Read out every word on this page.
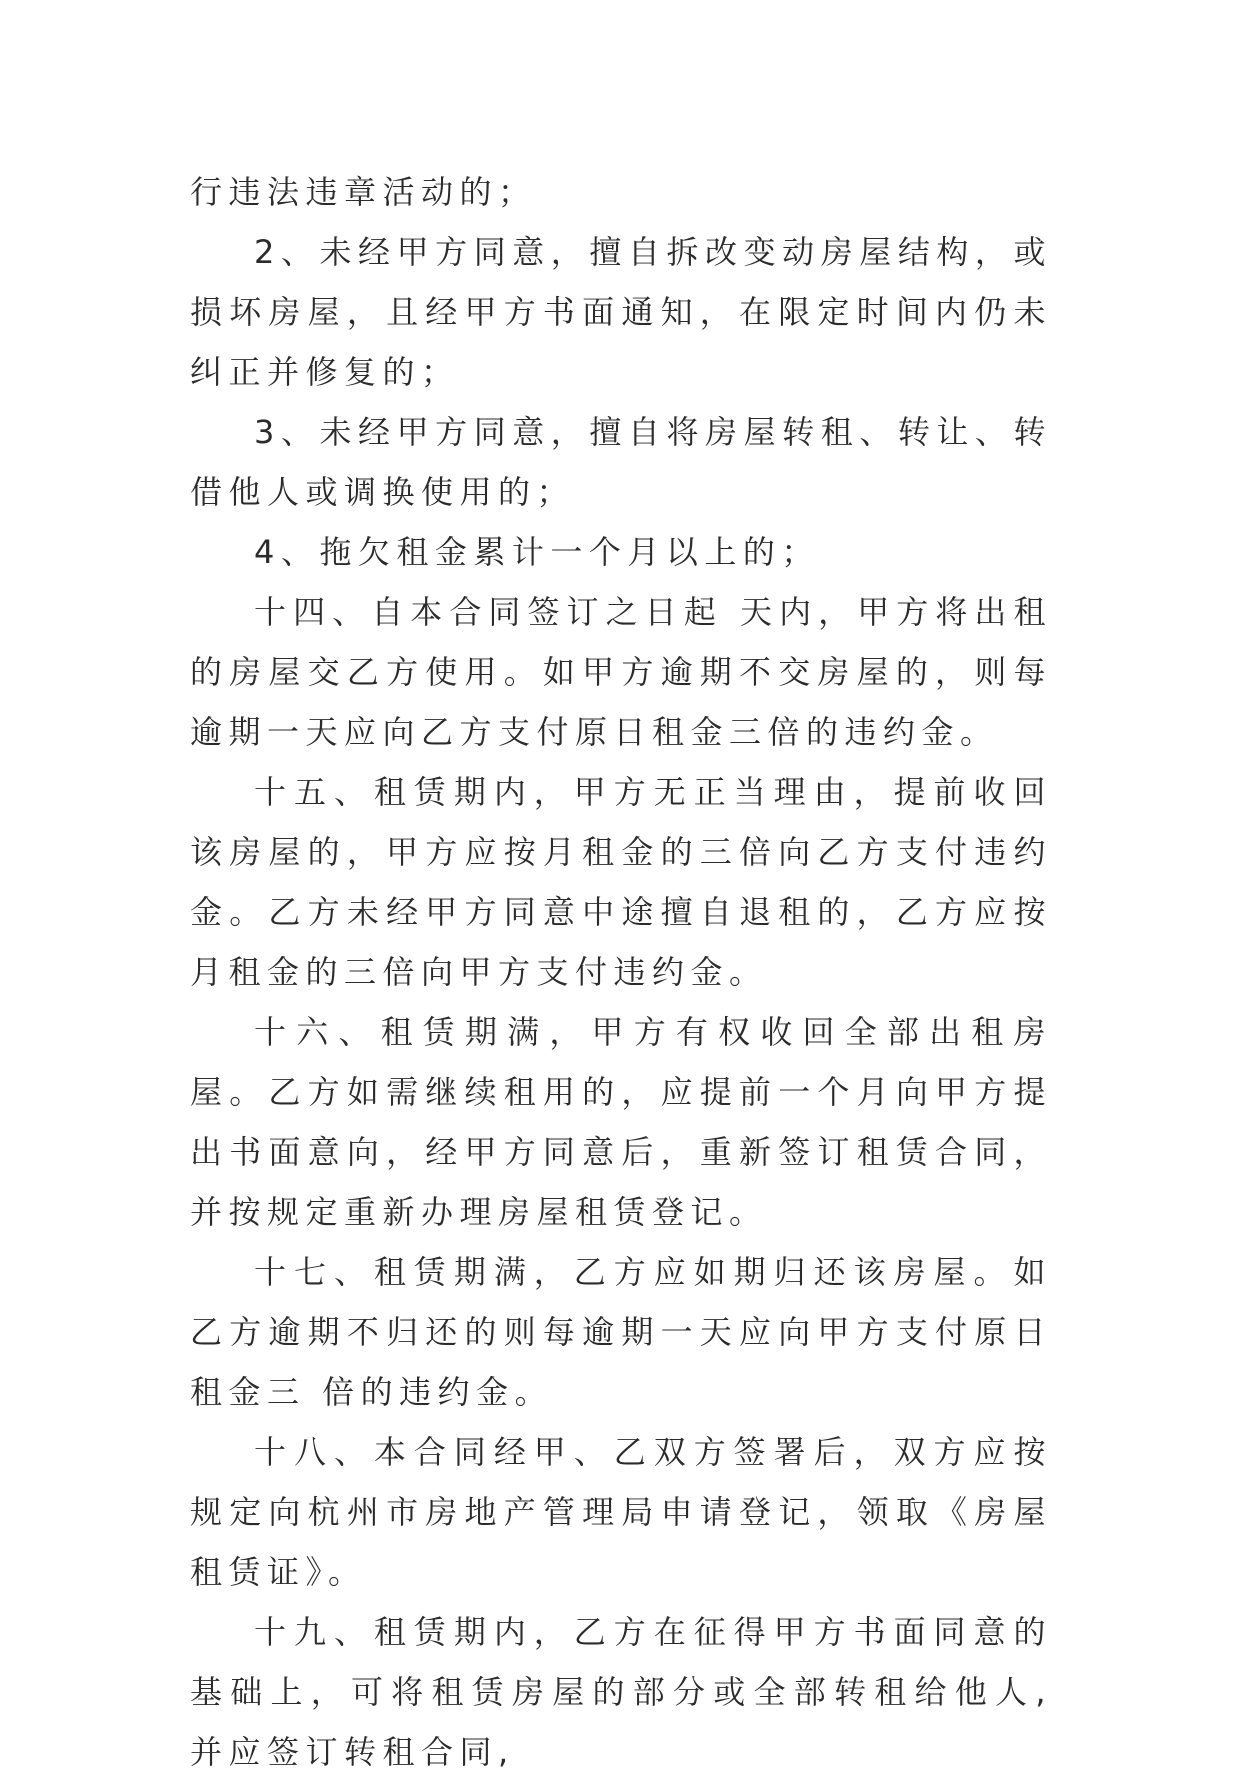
行违法违章活动的；

2、未经甲方同意，擅自拆改变动房屋结构，或损坏房屋，且经甲方书面通知，在限定时间内仍未纠正并修复的；

3、未经甲方同意，擅自将房屋转租、转让、转借他人或调换使用的；

4、拖欠租金累计一个月以上的；

十四、自本合同签订之日起 天内，甲方将出租的房屋交乙方使用。如甲方逾期不交房屋的，则每逾期一天应向乙方支付原日租金三倍的违约金。

十五、租赁期内，甲方无正当理由，提前收回该房屋的，甲方应按月租金的三倍向乙方支付违约金。乙方未经甲方同意中途擅自退租的，乙方应按月租金的三倍向甲方支付违约金。

十六、租赁期满，甲方有权收回全部出租房屋。乙方如需继续租用的，应提前一个月向甲方提出书面意向，经甲方同意后，重新签订租赁合同，并按规定重新办理房屋租赁登记。

十七、租赁期满，乙方应如期归还该房屋。如乙方逾期不归还的则每逾期一天应向甲方支付原日租金三 倍的违约金。

十八、本合同经甲、乙双方签署后，双方应按规定向杭州市房地产管理局申请登记，领取《房屋租赁证》。

十九、租赁期内，乙方在征得甲方书面同意的基础上，可将租赁房屋的部分或全部转租给他人,并应签订转租合同,
